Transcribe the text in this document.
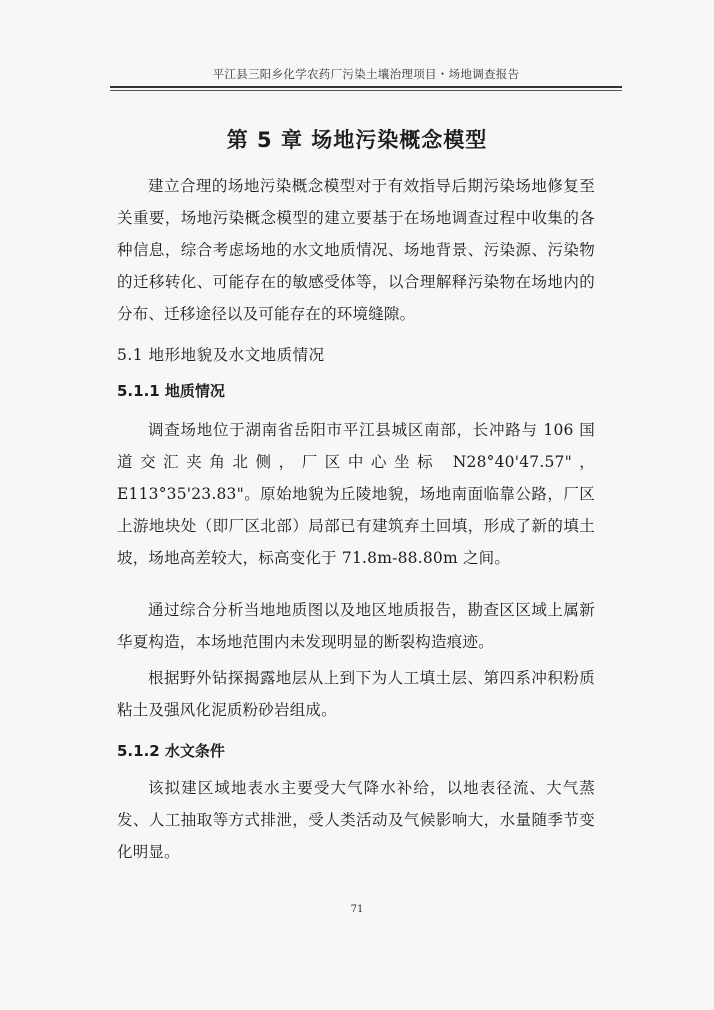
平江县三阳乡化学农药厂污染土壤治理项目・场地调查报告
第 5 章 场地污染概念模型
建立合理的场地污染概念模型对于有效指导后期污染场地修复至关重要，场地污染概念模型的建立要基于在场地调查过程中收集的各种信息，综合考虑场地的水文地质情况、场地背景、污染源、污染物的迁移转化、可能存在的敏感受体等，以合理解释污染物在场地内的分布、迁移途径以及可能存在的环境缝隙。
5.1 地形地貌及水文地质情况
5.1.1 地质情况
调查场地位于湖南省岳阳市平江县城区南部，长冲路与 106 国道交汇夹角北侧，厂区中心坐标 N28°40'47.57"，E113°35'23.83"。原始地貌为丘陵地貌，场地南面临靠公路，厂区上游地块处（即厂区北部）局部已有建筑弃土回填，形成了新的填土坡，场地高差较大，标高变化于 71.8m-88.80m 之间。
通过综合分析当地地质图以及地区地质报告，勘查区区域上属新华夏构造，本场地范围内未发现明显的断裂构造痕迹。
根据野外钻探揭露地层从上到下为人工填土层、第四系冲积粉质粘土及强风化泥质粉砂岩组成。
5.1.2 水文条件
该拟建区域地表水主要受大气降水补给，以地表径流、大气蒸发、人工抽取等方式排泄，受人类活动及气候影响大，水量随季节变化明显。
71
